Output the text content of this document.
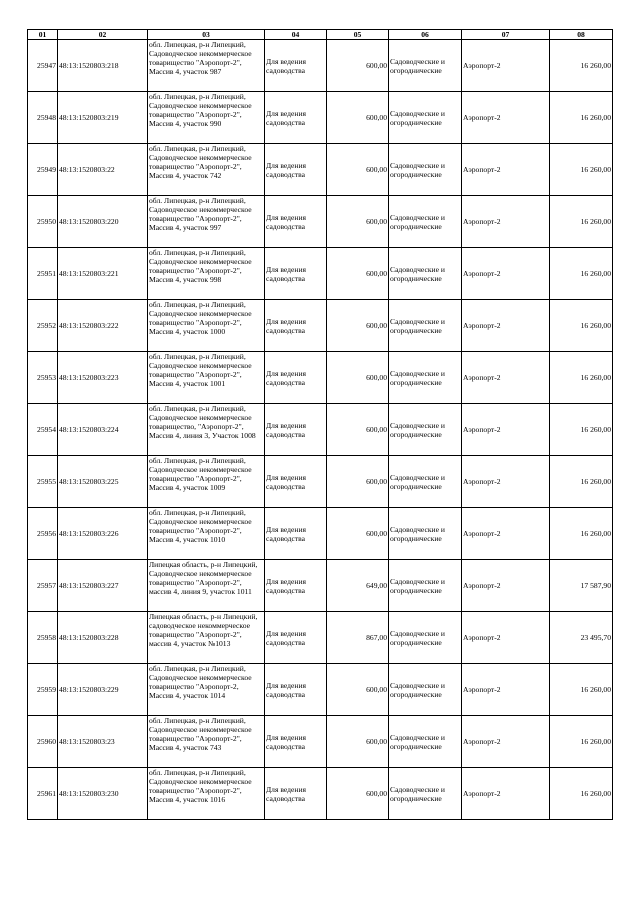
01	02	03	04	05	06	07	08
25947	48:13:1520803:218	обл. Липецкая, р-н Липецкий, Садоводческое некоммерческое товарищество "Аэропорт-2", Массив 4, участок 987	Для ведения садоводства	600,00	Садоводческие и огороднические	Аэропорт-2	16 260,00
25948	48:13:1520803:219	обл. Липецкая, р-н Липецкий, Садоводческое некоммерческое товарищество "Аэропорт-2", Массив 4, участок 990	Для ведения садоводства	600,00	Садоводческие и огороднические	Аэропорт-2	16 260,00
25949	48:13:1520803:22	обл. Липецкая, р-н Липецкий, Садоводческое некоммерческое товарищество "Аэропорт-2", Массив 4, участок 742	Для ведения садоводства	600,00	Садоводческие и огороднические	Аэропорт-2	16 260,00
25950	48:13:1520803:220	обл. Липецкая, р-н Липецкий, Садоводческое некоммерческое товарищество "Аэропорт-2", Массив 4, участок 997	Для ведения садоводства	600,00	Садоводческие и огороднические	Аэропорт-2	16 260,00
25951	48:13:1520803:221	обл. Липецкая, р-н Липецкий, Садоводческое некоммерческое товарищество "Аэропорт-2", Массив 4, участок 998	Для ведения садоводства	600,00	Садоводческие и огороднические	Аэропорт-2	16 260,00
25952	48:13:1520803:222	обл. Липецкая, р-н Липецкий, Садоводческое некоммерческое товарищество "Аэропорт-2", Массив 4, участок 1000	Для ведения садоводства	600,00	Садоводческие и огороднические	Аэропорт-2	16 260,00
25953	48:13:1520803:223	обл. Липецкая, р-н Липецкий, Садоводческое некоммерческое товарищество "Аэропорт-2", Массив 4, участок 1001	Для ведения садоводства	600,00	Садоводческие и огороднические	Аэропорт-2	16 260,00
25954	48:13:1520803:224	обл. Липецкая, р-н Липецкий, Садоводческое некоммерческое товарищество, "Аэропорт-2", Массив 4, линия 3, Участок 1008	Для ведения садоводства	600,00	Садоводческие и огороднические	Аэропорт-2	16 260,00
25955	48:13:1520803:225	обл. Липецкая, р-н Липецкий, Садоводческое некоммерческое товарищество "Аэропорт-2", Массив 4, участок 1009	Для ведения садоводства	600,00	Садоводческие и огороднические	Аэропорт-2	16 260,00
25956	48:13:1520803:226	обл. Липецкая, р-н Липецкий, Садоводческое некоммерческое товарищество "Аэропорт-2", Массив 4, участок 1010	Для ведения садоводства	600,00	Садоводческие и огороднические	Аэропорт-2	16 260,00
25957	48:13:1520803:227	Липецкая область, р-н Липецкий, Садоводческое некоммерческое товарищество "Аэропорт-2", массив 4, линия 9, участок 1011	Для ведения садоводства	649,00	Садоводческие и огороднические	Аэропорт-2	17 587,90
25958	48:13:1520803:228	Липецкая область, р-н Липецкий, садоводческое некоммерческое товарищество "Аэропорт-2", массив 4, участок №1013	Для ведения садоводства	867,00	Садоводческие и огороднические	Аэропорт-2	23 495,70
25959	48:13:1520803:229	обл. Липецкая, р-н Липецкий, Садоводческое некоммерческое товарищество "Аэропорт-2, Массив 4, участок 1014	Для ведения садоводства	600,00	Садоводческие и огороднические	Аэропорт-2	16 260,00
25960	48:13:1520803:23	обл. Липецкая, р-н Липецкий, Садоводческое некоммерческое товарищество "Аэропорт-2", Массив 4, участок 743	Для ведения садоводства	600,00	Садоводческие и огороднические	Аэропорт-2	16 260,00
25961	48:13:1520803:230	обл. Липецкая, р-н Липецкий, Садоводческое некоммерческое товарищество "Аэропорт-2", Массив 4, участок 1016	Для ведения садоводства	600,00	Садоводческие и огороднические	Аэропорт-2	16 260,00
